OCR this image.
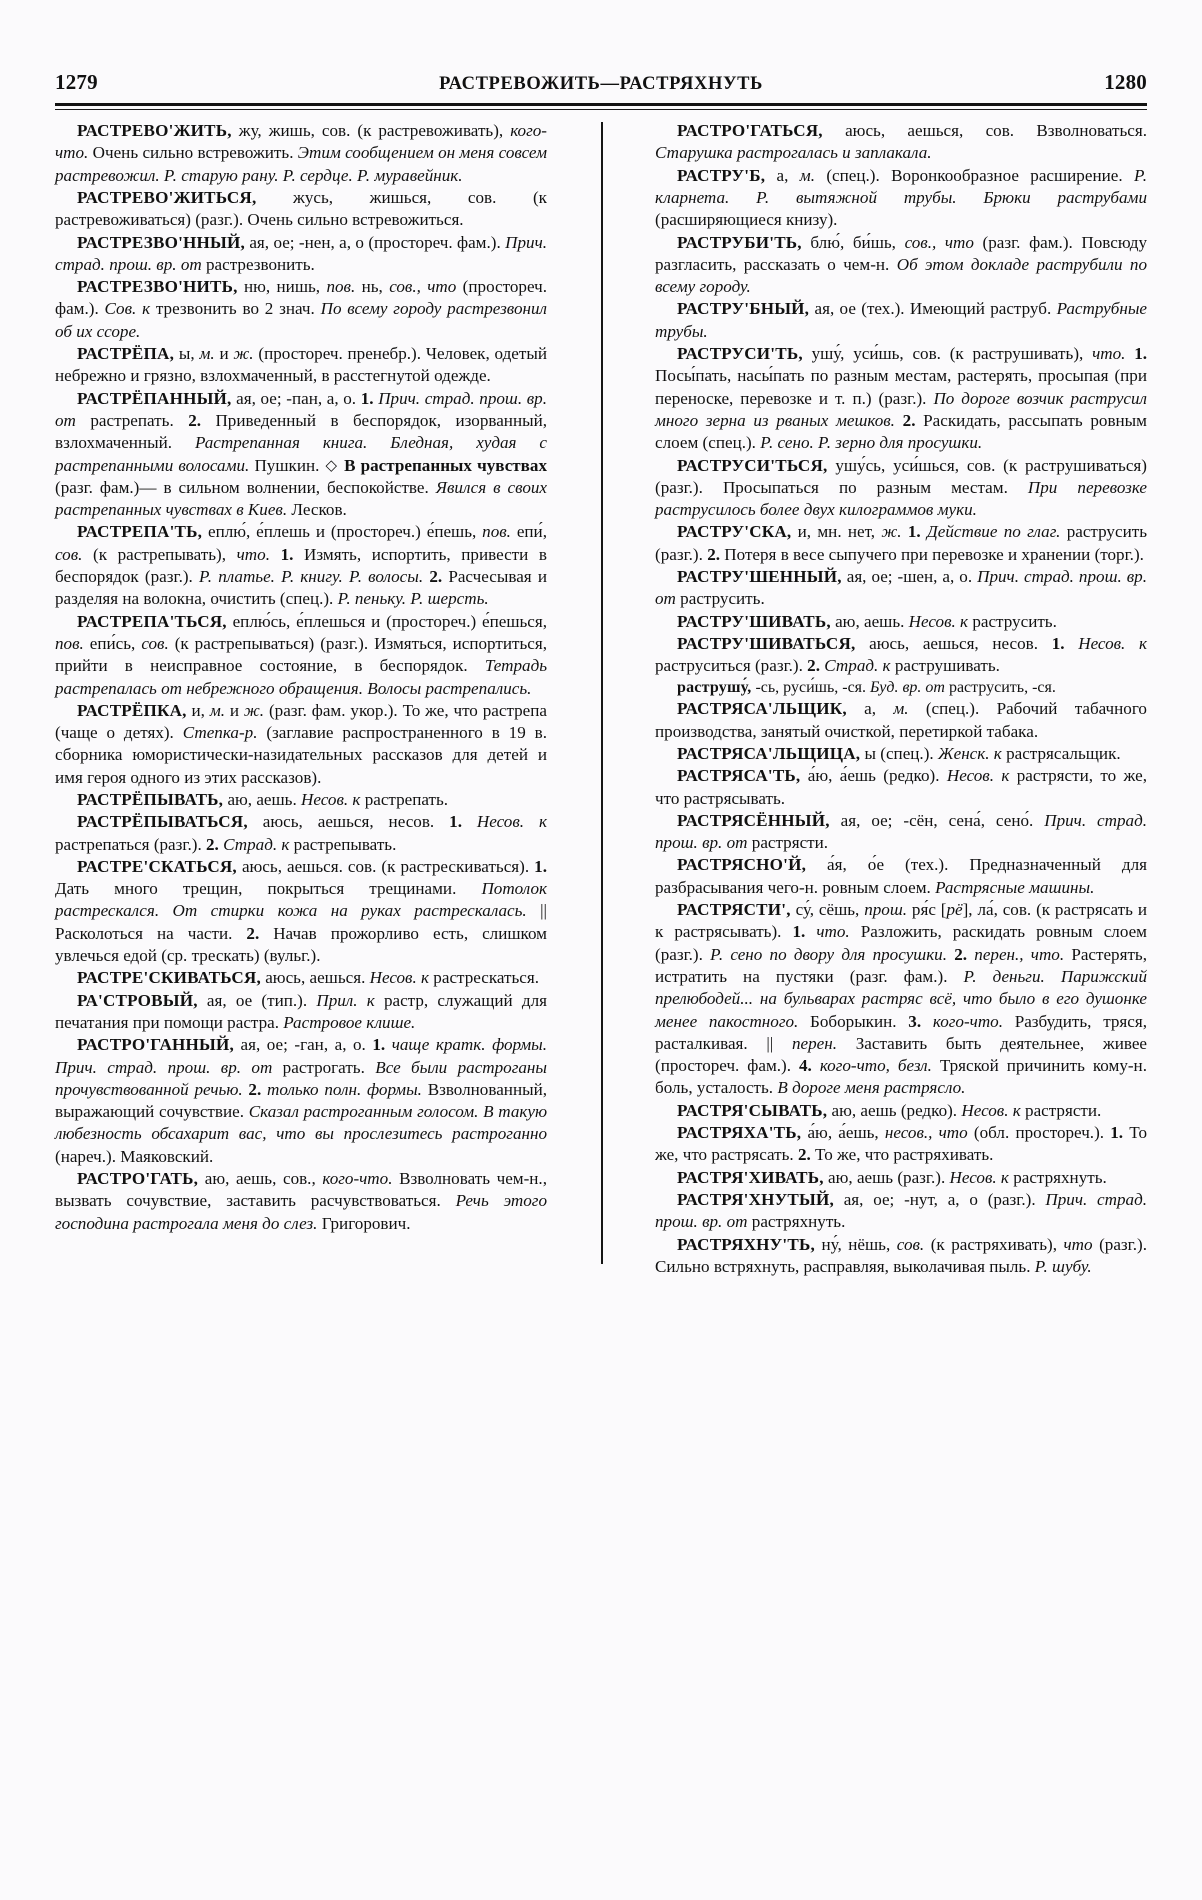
1279	РАСТРЕВОЖИТЬ—РАСТРЯХНУТЬ	1280

РАСТРЕВО'ЖИТЬ, жу, жишь, сов. (к растревоживать), кого-что. Очень сильно встревожить. Этим сообщением он меня совсем растревожил. Р. старую рану. Р. сердце. Р. муравейник.

РАСТРЕВО'ЖИТЬСЯ, жусь, жишься, сов. (к растревоживаться) (разг.). Очень сильно встревожиться.

РАСТРЕЗВО'ННЫЙ, ая, ое; -нен, а, о (простореч. фам.). Прич. страд. прош. вр. от растрезвонить.

РАСТРЕЗВО'НИТЬ, ню, нишь, пов. нь, сов., что (простореч. фам.). Сов. к трезвонить во 2 знач. По всему городу растрезвонил об их ссоре.

РАСТРЁПА, ы, м. и ж. (простореч. пренебр.). Человек, одетый небрежно и грязно, взлохмаченный, в расстегнутой одежде.

РАСТРЁПАННЫЙ, ая, ое; -пан, а, о. 1. Прич. страд. прош. вр. от растрепать. 2. Приведенный в беспорядок, изорванный, взлохмаченный. Растрепанная книга. Бледная, худая с растрепанными волосами. Пушкин. ◇ В растрепанных чувствах (разг. фам.)— в сильном волнении, беспокойстве. Явился в своих растрепанных чувствах в Киев. Лесков.

РАСТРЕПА'ТЬ, еплю́, е́плешь и (простореч.) е́пешь, пов. епи́, сов. (к растрепывать), что. 1. Измять, испортить, привести в беспорядок (разг.). Р. платье. Р. книгу. Р. волосы. 2. Расчесывая и разделяя на волокна, очистить (спец.). Р. пеньку. Р. шерсть.

РАСТРЕПА'ТЬСЯ, еплю́сь, е́плешься и (простореч.) е́пешься, пов. епи́сь, сов. (к растрепываться) (разг.). Измяться, испортиться, прийти в неисправное состояние, в беспорядок. Тетрадь растрепалась от небрежного обращения. Волосы растрепались.

РАСТРЁПКА, и, м. и ж. (разг. фам. укор.). То же, что растрепа (чаще о детях). Степка-р. (заглавие распространенного в 19 в. сборника юмористически-назидательных рассказов для детей и имя героя одного из этих рассказов).

РАСТРЁПЫВАТЬ, аю, аешь. Несов. к растрепать.

РАСТРЁПЫВАТЬСЯ, аюсь, аешься, несов. 1. Несов. к растрепаться (разг.). 2. Страд. к растрепывать.

РАСТРЕ'СКАТЬСЯ, аюсь, аешься. сов. (к растрескиваться). 1. Дать много трещин, покрыться трещинами. Потолок растрескался. От стирки кожа на руках растрескалась. || Расколоться на части. 2. Начав прожорливо есть, слишком увлечься едой (ср. трескать) (вульг.).

РАСТРЕ'СКИВАТЬСЯ, аюсь, аешься. Несов. к растрескаться.

РА'СТРОВЫЙ, ая, ое (тип.). Прил. к растр, служащий для печатания при помощи растра. Растровое клише.

РАСТРО'ГАННЫЙ, ая, ое; -ган, а, о. 1. чаще кратк. формы. Прич. страд. прош. вр. от растрогать. Все были растроганы прочувствованной речью. 2. только полн. формы. Взволнованный, выражающий сочувствие. Сказал растроганным голосом. В такую любезность обсахарит вас, что вы прослезитесь растроганно (нареч.). Маяковский.

РАСТРО'ГАТЬ, аю, аешь, сов., кого-что. Взволновать чем-н., вызвать сочувствие, заставить расчувствоваться. Речь этого господина растрогала меня до слез. Григорович.

РАСТРО'ГАТЬСЯ, аюсь, аешься, сов. Взволноваться. Старушка растрогалась и заплакала.

РАСТРУ'Б, а, м. (спец.). Воронкообразное расширение. Р. кларнета. Р. вытяжной трубы. Брюки раструбами (расширяющиеся книзу).

РАСТРУБИ'ТЬ, блю́, би́шь, сов., что (разг. фам.). Повсюду разгласить, рассказать о чем-н. Об этом докладе раструбили по всему городу.

РАСТРУ'БНЫЙ, ая, ое (тех.). Имеющий раструб. Раструбные трубы.

РАСТРУСИ'ТЬ, ушу́, уси́шь, сов. (к раструшивать), что. 1. Посы́пать, насы́пать по разным местам, растерять, просыпая (при переноске, перевозке и т. п.) (разг.). По дороге возчик раструсил много зерна из рваных мешков. 2. Раскидать, рассыпать ровным слоем (спец.). Р. сено. Р. зерно для просушки.

РАСТРУСИ'ТЬСЯ, ушу́сь, уси́шься, сов. (к раструшиваться) (разг.). Просыпаться по разным местам. При перевозке раструсилось более двух килограммов муки.

РАСТРУ'СКА, и, мн. нет, ж. 1. Действие по глаг. раструсить (разг.). 2. Потеря в весе сыпучего при перевозке и хранении (торг.).

РАСТРУ'ШЕННЫЙ, ая, ое; -шен, а, о. Прич. страд. прош. вр. от раструсить.

РАСТРУ'ШИВАТЬ, аю, аешь. Несов. к раструсить.

РАСТРУ'ШИВАТЬСЯ, аюсь, аешься, несов. 1. Несов. к раструситься (разг.). 2. Страд. к раструшивать.

раструшу́, -сь, руси́шь, -ся. Буд. вр. от раструсить, -ся.

РАСТРЯСА'ЛЬЩИК, а, м. (спец.). Рабочий табачного производства, занятый очисткой, перетиркой табака.

РАСТРЯСА'ЛЬЩИЦА, ы (спец.). Женск. к растрясальщик.

РАСТРЯСА'ТЬ, а́ю, а́ешь (редко). Несов. к растрясти, то же, что растрясывать.

РАСТРЯСЁННЫЙ, ая, ое; -сён, сена́, сено́. Прич. страд. прош. вр. от растрясти.

РАСТРЯСНО'Й, а́я, о́е (тех.). Предназначенный для разбрасывания чего-н. ровным слоем. Растрясные машины.

РАСТРЯСТИ', су́, сёшь, прош. ря́с [рё], ла́, сов. (к растрясать и к растрясывать). 1. что. Разложить, раскидать ровным слоем (разг.). Р. сено по двору для просушки. 2. перен., что. Растерять, истратить на пустяки (разг. фам.). Р. деньги. Парижский прелюбодей... на бульварах растряс всё, что было в его душонке менее пакостного. Боборыкин. 3. кого-что. Разбудить, тряся, расталкивая. || перен. Заставить быть деятельнее, живее (простореч. фам.). 4. кого-что, безл. Тряской причинить кому-н. боль, усталость. В дороге меня растрясло.

РАСТРЯ'СЫВАТЬ, аю, аешь (редко). Несов. к растрясти.

РАСТРЯХА'ТЬ, а́ю, а́ешь, несов., что (обл. простореч.). 1. То же, что растрясать. 2. То же, что растряхивать.

РАСТРЯ'ХИВАТЬ, аю, аешь (разг.). Несов. к растряхнуть.

РАСТРЯ'ХНУТЫЙ, ая, ое; -нут, а, о (разг.). Прич. страд. прош. вр. от растряхнуть.

РАСТРЯХНУ'ТЬ, ну́, нёшь, сов. (к растряхивать), что (разг.). Сильно встряхнуть, расправляя, выколачивая пыль. Р. шубу.
